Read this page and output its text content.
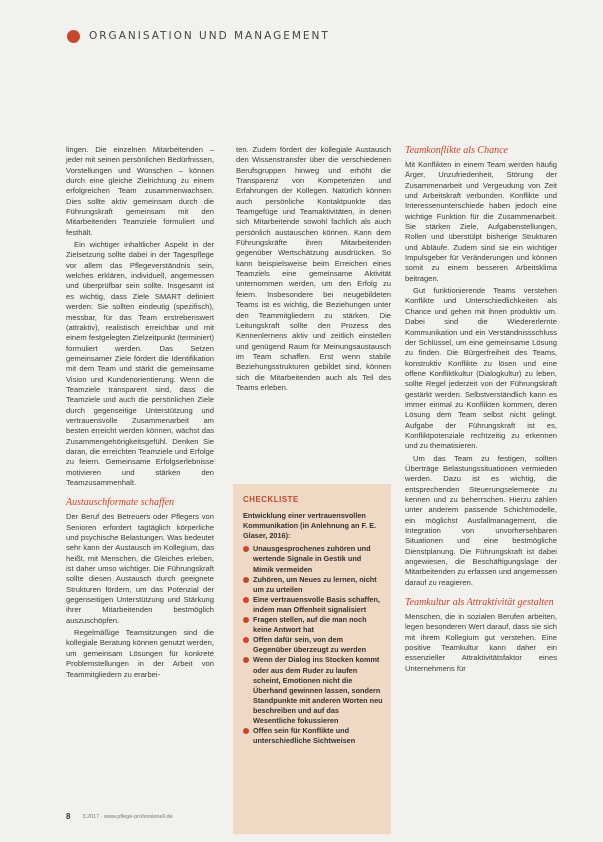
ORGANISATION UND MANAGEMENT

lingen. Die einzelnen Mitarbeitenden – jeder mit seinen persönlichen Bedürfnissen, Vorstellungen und Wünschen – können durch eine gleiche Zielrichtung zu einem erfolgreichen Team zusammenwachsen. Dies sollte aktiv gemeinsam durch die Führungskraft gemeinsam mit den Mitarbeitenden Teamziele formuliert und festhält.

Ein wichtiger inhaltlicher Aspekt in der Zielsetzung sollte dabei in der Tagespflege vor allem das Pflegeverständnis sein, welches erklären, individuell, angemessen und überprüfbar sein sollte. Insgesamt ist es wichtig, dass Ziele SMART definiert werden: Sie sollten eindeutig (spezifisch), messbar, für das Team erstrebenswert (attraktiv), realistisch erreichbar und mit einem festgelegten Zielzeitpunkt (terminiert) formuliert werden. Das Setzen gemeinsamer Ziele fördert die Identifikation mit dem Team und stärkt die gemeinsame Vision und Kundenorientierung. Wenn die Teamziele transparent sind, dass die Teamziele und auch die persönlichen Ziele durch gegenseitige Unterstützung und vertrauensvolle Zusammenarbeit am besten erreicht werden können, wächst das Zusammengehörigkeitsgefühl. Denken Sie daran, die erreichten Teamziele und Erfolge zu feiern. Gemeinsame Erfolgserlebnisse motivieren und stärken den Teamzusammenhalt.

Austauschformate schaffen

Der Beruf des Betreuers oder Pflegers von Senioren erfordert tagtäglich körperliche und psychische Belastungen. Was bedeutet sehr kann der Austausch im Kollegium, das heißt, mit Menschen, die Gleiches erleben, ist daher umso wichtiger. Die Führungskraft sollte diesen Austausch durch geeignete Strukturen fördern, um das Potenzial der gegenseitigen Unterstützung und Stärkung ihrer Mitarbeitenden bestmöglich auszuschöpfen.

Regelmäßige Teamsitzungen sind die kollegiale Beratung können genutzt werden, um gemeinsam Lösungen für konkrete Problemstellungen in der Arbeit von Teammitgliedern zu erarbei-

ten. Zudem fördert der kollegiale Austausch den Wissenstransfer über die verschiedenen Berufsgruppen hinweg und erhöht die Transparenz von Kompetenzen und Erfahrungen der Kollegen. Natürlich können auch persönliche Kontaktpunkte das Teamgefüge und Teamaktivitäten, in denen sich Mitarbeitende sowohl fachlich als auch persönlich austauschen können. Kann dem Führungskräfte ihren Mitarbeitenden gegenüber Wertschätzung ausdrücken. So kann beispielsweise beim Erreichen eines Teamziels eine gemeinsame Aktivität unternommen werden, um den Erfolg zu feiern. Insbesondere bei neugebildeten Teams ist es wichtig, die Beziehungen unter den Teammitgliedern zu stärken. Die Leitungskraft sollte den Prozess des Kennenlernens aktiv und zeitlich einstellen und genügend Raum für Meinungsaustausch im Team schaffen. Erst wenn stabile Beziehungsstrukturen gebildet sind, können sich die Mitarbeitenden auch als Teil des Teams erleben.

CHECKLISTE
Entwicklung einer vertrauensvollen Kommunikation (in Anlehnung an F. E. Glaser, 2016):
Unausgesprochenes zuhören und wertende Signale in Gestik und Mimik vermeiden
Zuhören, um Neues zu lernen, nicht um zu urteilen
Eine vertrauensvolle Basis schaffen, indem man Offenheit signalisiert
Fragen stellen, auf die man noch keine Antwort hat
Offen dafür sein, von dem Gegenüber überzeugt zu werden
Wenn der Dialog ins Stocken kommt oder aus dem Ruder zu laufen scheint, Emotionen nicht die Überhand gewinnen lassen, sondern Standpunkte mit anderen Worten neu beschreiben und auf das Wesentliche fokussieren
Offen sein für Konflikte und unterschiedliche Sichtweisen
Teamkonflikte als Chance

Mit Konflikten in einem Team werden häufig Ärger, Unzufriedenheit, Störung der Zusammenarbeit und Vergeudung von Zeit und Arbeitskraft verbunden. Konflikte und Interessenunterschiede haben jedoch eine wichtige Funktion für die Zusammenarbeit. Sie stärken Ziele, Aufgabenstellungen, Rollen und überstülpt bisherige Strukturen und Abläufe. Zudem sind sie ein wichtiger Impulsgeber für Veränderungen und können somit zu einem besseren Arbeitsklima beitragen.

Gut funktionierende Teams verstehen Konflikte und Unterschiedlichkeiten als Chance und gehen mit ihnen produktiv um. Dabei sind die Wiedererlernte Kommunikation und ein Verständnissschluss der Schlüssel, um eine gemeinsame Lösung zu finden. Die Bürgerfreiheit des Teams, konstruktiv Konflikte zu lösen und eine offene Konfliktkultur (Dialogkultur) zu leben, sollte Regel jederzeit von der Führungskraft gestärkt werden. Selbstverständlich kann es immer einmal zu Konflikten kommen, deren Lösung dem Team selbst nicht gelingt. Aufgabe der Führungskraft ist es, Konfliktpotenziale rechtzeitig zu erkennen und zu thematisieren.

Um das Team zu festigen, sollten Überträge Belastungssituationen vermieden werden. Dazu ist es wichtig, die entsprechenden Steuerungselemente zu kennen und zu beherrschen. Hierzu zählen unter anderem passende Schichtmodelle, ein möglichst Ausfallmanagement, die Integration von unvorhersehbaren Situationen und eine bestmögliche Dienstplanung. Die Führungskraft ist dabei angewiesen, die Beschäftigungslage der Mitarbeitenden zu erfassen und angemessen darauf zu reagieren.

Teamkultur als Attraktivität gestalten

Menschen, die in sozialen Berufen arbeiten, legen besonderen Wert darauf, dass sie sich mit ihrem Kollegium gut verstehen. Eine positive Teamkultur kann daher ein essenzieller Attraktivitätsfaktor eines Unternehmens für

8 3.2017 · www.pflege-professionell.de
